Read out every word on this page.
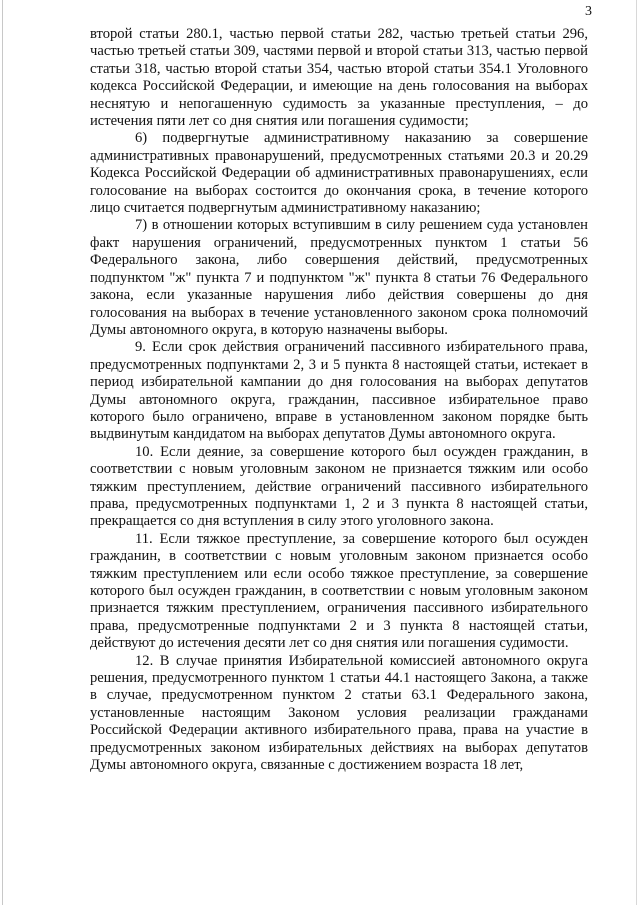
3

второй статьи 280.1, частью первой статьи 282, частью третьей статьи 296, частью третьей статьи 309, частями первой и второй статьи 313, частью первой статьи 318, частью второй статьи 354, частью второй статьи 354.1 Уголовного кодекса Российской Федерации, и имеющие на день голосования на выборах неснятую и непогашенную судимость за указанные преступления, – до истечения пяти лет со дня снятия или погашения судимости;

6) подвергнутые административному наказанию за совершение административных правонарушений, предусмотренных статьями 20.3 и 20.29 Кодекса Российской Федерации об административных правонарушениях, если голосование на выборах состоится до окончания срока, в течение которого лицо считается подвергнутым административному наказанию;

7) в отношении которых вступившим в силу решением суда установлен факт нарушения ограничений, предусмотренных пунктом 1 статьи 56 Федерального закона, либо совершения действий, предусмотренных подпунктом "ж" пункта 7 и подпунктом "ж" пункта 8 статьи 76 Федерального закона, если указанные нарушения либо действия совершены до дня голосования на выборах в течение установленного законом срока полномочий Думы автономного округа, в которую назначены выборы.

9. Если срок действия ограничений пассивного избирательного права, предусмотренных подпунктами 2, 3 и 5 пункта 8 настоящей статьи, истекает в период избирательной кампании до дня голосования на выборах депутатов Думы автономного округа, гражданин, пассивное избирательное право которого было ограничено, вправе в установленном законом порядке быть выдвинутым кандидатом на выборах депутатов Думы автономного округа.

10. Если деяние, за совершение которого был осужден гражданин, в соответствии с новым уголовным законом не признается тяжким или особо тяжким преступлением, действие ограничений пассивного избирательного права, предусмотренных подпунктами 1, 2 и 3 пункта 8 настоящей статьи, прекращается со дня вступления в силу этого уголовного закона.

11. Если тяжкое преступление, за совершение которого был осужден гражданин, в соответствии с новым уголовным законом признается особо тяжким преступлением или если особо тяжкое преступление, за совершение которого был осужден гражданин, в соответствии с новым уголовным законом признается тяжким преступлением, ограничения пассивного избирательного права, предусмотренные подпунктами 2 и 3 пункта 8 настоящей статьи, действуют до истечения десяти лет со дня снятия или погашения судимости.

12. В случае принятия Избирательной комиссией автономного округа решения, предусмотренного пунктом 1 статьи 44.1 настоящего Закона, а также в случае, предусмотренном пунктом 2 статьи 63.1 Федерального закона, установленные настоящим Законом условия реализации гражданами Российской Федерации активного избирательного права, права на участие в предусмотренных законом избирательных действиях на выборах депутатов Думы автономного округа, связанные с достижением возраста 18 лет,
